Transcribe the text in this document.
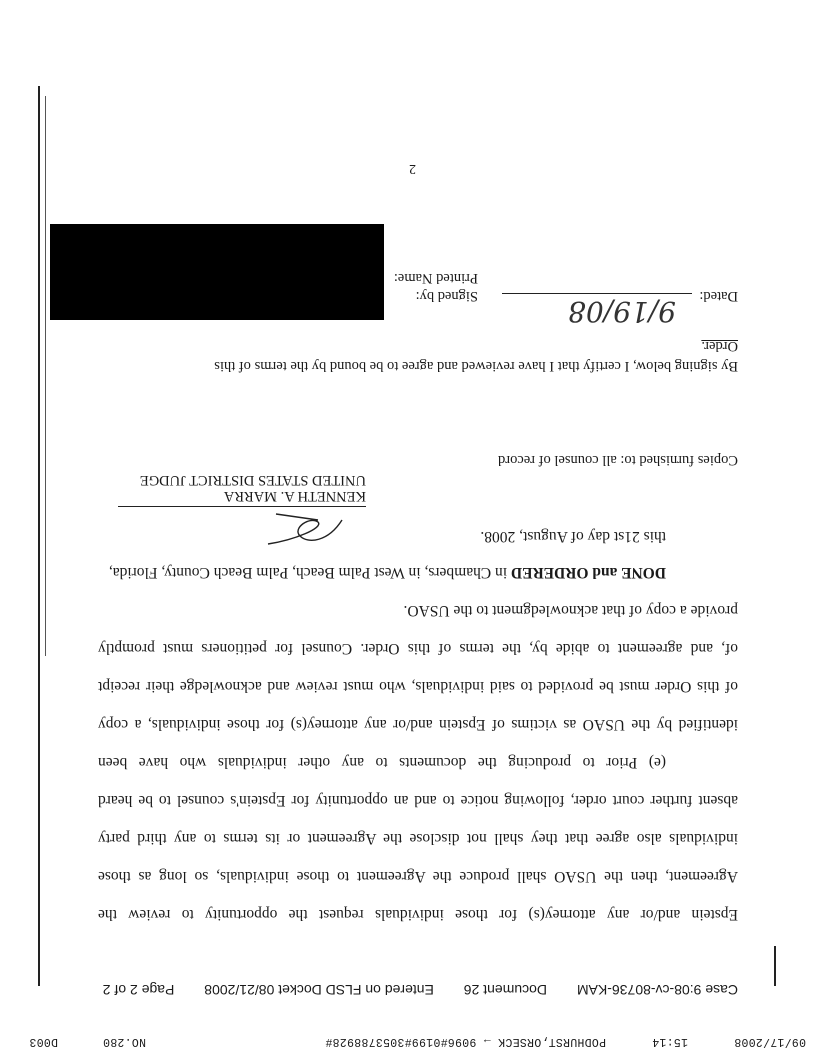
09/17/2008
15:14
PODHURST,ORSECK → 9096#0199#3053788928#
NO.280
D003
Case 9:08-cv-80736-KAM Document 26 Entered on FLSD Docket 08/21/2008 Page 2 of 2
Epstein and/or any attorney(s) for those individuals request the opportunity to review the
Agreement, then the USAO shall produce the Agreement to those individuals, so long as those
individuals also agree that they shall not disclose the Agreement or its terms to any third party
absent further court order, following notice to and an opportunity for Epstein's counsel to be heard
(e) Prior to producing the documents to any other individuals who have been
identified by the USAO as victims of Epstein and/or any attorney(s) for those individuals, a copy
of this Order must be provided to said individuals, who must review and acknowledge their receipt
of, and agreement to abide by, the terms of this Order. Counsel for petitioners must promptly
provide a copy of that acknowledgment to the USAO.
DONE and ORDERED in Chambers, in West Palm Beach, Palm Beach County, Florida,
this 21st day of August, 2008.
KENNETH A. MARRA
UNITED STATES DISTRICT JUDGE
Copies furnished to: all counsel of record
By signing below, I certify that I have reviewed and agree to be bound by the terms of this
Order.
Dated:
9/19/08
Signed by:
Printed Name:
2
